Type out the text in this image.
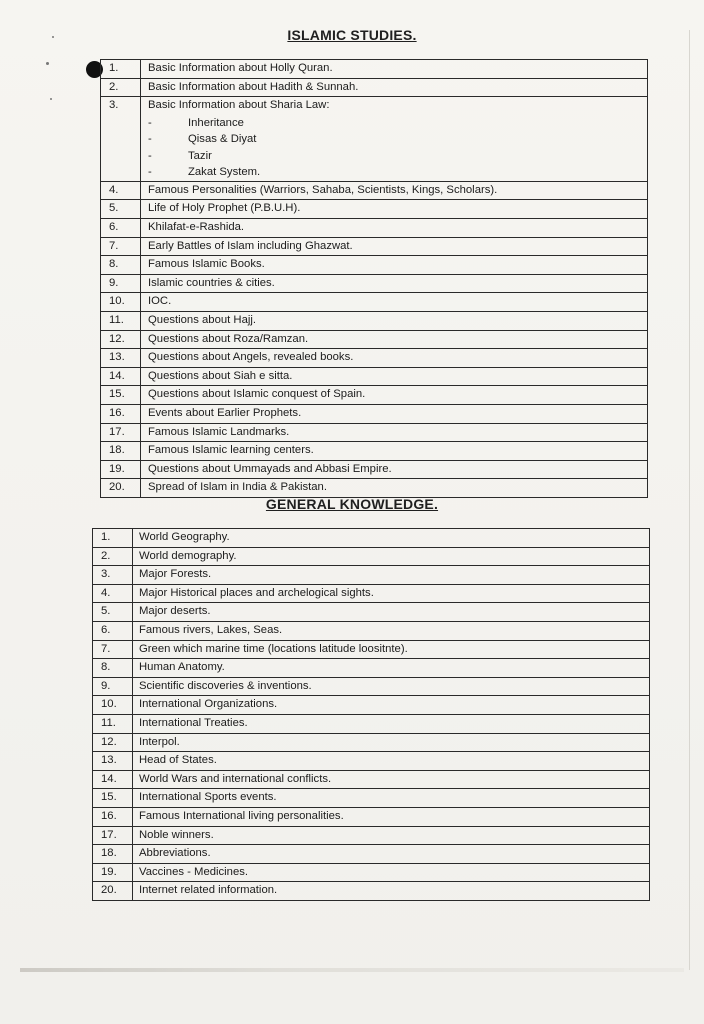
ISLAMIC STUDIES.
1.	Basic Information about Holly Quran.
2.	Basic Information about Hadith & Sunnah.
3.	Basic Information about Sharia Law:
-	Inheritance
-	Qisas & Diyat
-	Tazir
-	Zakat System.
4.	Famous Personalities (Warriors, Sahaba, Scientists, Kings, Scholars).
5.	Life of Holy Prophet (P.B.U.H).
6.	Khilafat-e-Rashida.
7.	Early Battles of Islam including Ghazwat.
8.	Famous Islamic Books.
9.	Islamic countries & cities.
10.	IOC.
11.	Questions about Hajj.
12.	Questions about Roza/Ramzan.
13.	Questions about Angels, revealed books.
14.	Questions about Siah e sitta.
15.	Questions about Islamic conquest of Spain.
16.	Events about Earlier Prophets.
17.	Famous Islamic Landmarks.
18.	Famous Islamic learning centers.
19.	Questions about Ummayads and Abbasi Empire.
20.	Spread of Islam in India & Pakistan.
GENERAL KNOWLEDGE.
1.	World Geography.
2.	World demography.
3.	Major Forests.
4.	Major Historical places and archelogical sights.
5.	Major deserts.
6.	Famous rivers, Lakes, Seas.
7.	Green which marine time (locations latitude loositnte).
8.	Human Anatomy.
9.	Scientific discoveries & inventions.
10.	International Organizations.
11.	International Treaties.
12.	Interpol.
13.	Head of States.
14.	World Wars and international conflicts.
15.	International Sports events.
16.	Famous International living personalities.
17.	Noble winners.
18.	Abbreviations.
19.	Vaccines - Medicines.
20.	Internet related information.
